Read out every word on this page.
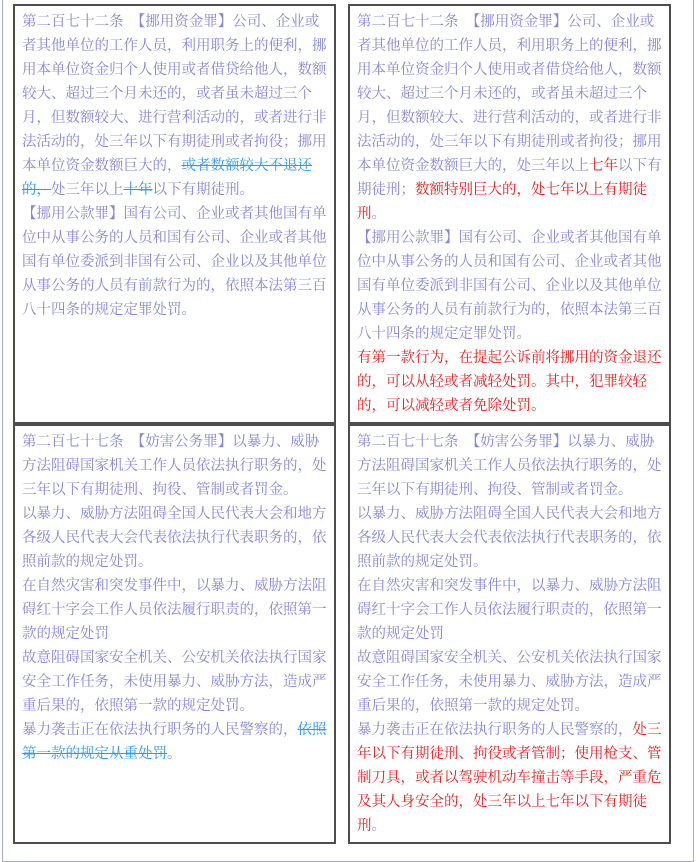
第二百七十二条　【挪用资金罪】公司、企业或者其他单位的工作人员，利用职务上的便利，挪用本单位资金归个人使用或者借贷给他人，数额较大、超过三个月未还的，或者虽未超过三个月，但数额较大、进行营利活动的，或者进行非法活动的，处三年以下有期徒刑或者拘役；挪用本单位资金数额巨大的，或者数额较大不退还的，处三年以上十年以下有期徒刑。

【挪用公款罪】国有公司、企业或者其他国有单位中从事公务的人员和国有公司、企业或者其他国有单位委派到非国有公司、企业以及其他单位从事公务的人员有前款行为的，依照本法第三百八十四条的规定定罪处罚。

第二百七十二条　【挪用资金罪】公司、企业或者其他单位的工作人员，利用职务上的便利，挪用本单位资金归个人使用或者借贷给他人，数额较大、超过三个月未还的，或者虽未超过三个月，但数额较大、进行营利活动的，或者进行非法活动的，处三年以下有期徒刑或者拘役；挪用本单位资金数额巨大的，处三年以上七年以下有期徒刑；数额特别巨大的，处七年以上有期徒刑。

【挪用公款罪】国有公司、企业或者其他国有单位中从事公务的人员和国有公司、企业或者其他国有单位委派到非国有公司、企业以及其他单位从事公务的人员有前款行为的，依照本法第三百八十四条的规定定罪处罚。

有第一款行为，在提起公诉前将挪用的资金退还的，可以从轻或者减轻处罚。其中，犯罪较轻的，可以减轻或者免除处罚。

第二百七十七条　【妨害公务罪】以暴力、威胁方法阻碍国家机关工作人员依法执行职务的，处三年以下有期徒刑、拘役、管制或者罚金。

以暴力、威胁方法阻碍全国人民代表大会和地方各级人民代表大会代表依法执行代表职务的，依照前款的规定处罚。

在自然灾害和突发事件中，以暴力、威胁方法阻碍红十字会工作人员依法履行职责的，依照第一款的规定处罚

故意阻碍国家安全机关、公安机关依法执行国家安全工作任务，未使用暴力、威胁方法，造成严重后果的，依照第一款的规定处罚。

暴力袭击正在依法执行职务的人民警察的，依照第一款的规定从重处罚。

第二百七十七条　【妨害公务罪】以暴力、威胁方法阻碍国家机关工作人员依法执行职务的，处三年以下有期徒刑、拘役、管制或者罚金。

以暴力、威胁方法阻碍全国人民代表大会和地方各级人民代表大会代表依法执行代表职务的，依照前款的规定处罚。

在自然灾害和突发事件中，以暴力、威胁方法阻碍红十字会工作人员依法履行职责的，依照第一款的规定处罚

故意阻碍国家安全机关、公安机关依法执行国家安全工作任务，未使用暴力、威胁方法，造成严重后果的，依照第一款的规定处罚。

暴力袭击正在依法执行职务的人民警察的，处三年以下有期徒刑、拘役或者管制；使用枪支、管制刀具，或者以驾驶机动车撞击等手段，严重危及其人身安全的，处三年以上七年以下有期徒刑。
